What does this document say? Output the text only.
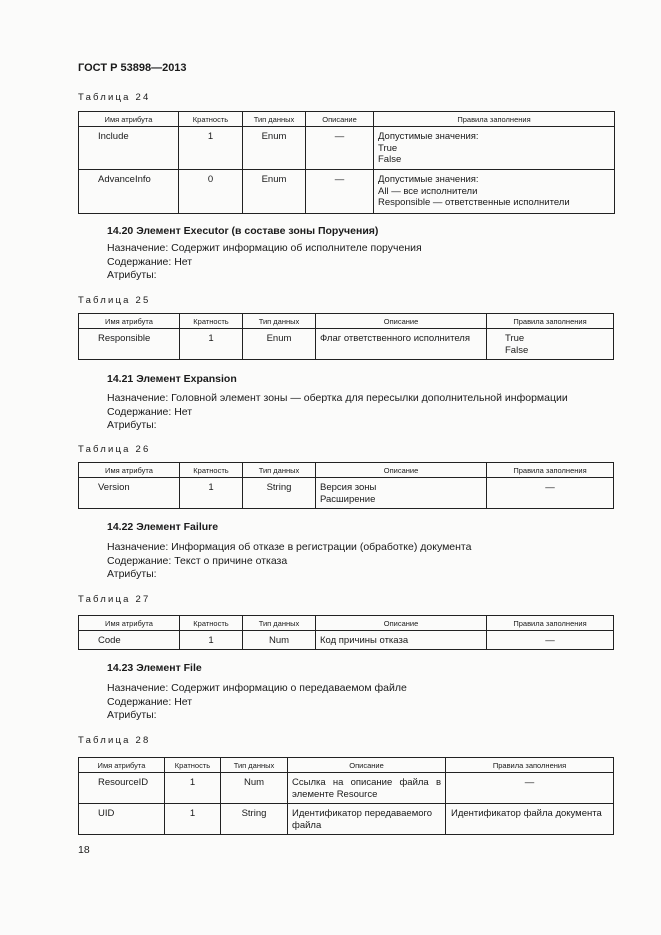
ГОСТ Р 53898—2013
Таблица 24
Имя атрибута	Кратность	Тип данных	Описание	Правила заполнения
Include	1	Enum	—	Допустимые значения:
True
False

AdvanceInfo	0	Enum	—	Допустимые значения:
All — все исполнители
Responsible — ответственные исполнители
14.20 Элемент Executor (в составе зоны Поручения)
Назначение: Содержит информацию об исполнителе поручения
Содержание: Нет
Атрибуты:
Таблица 25
Имя атрибута	Кратность	Тип данных	Описание	Правила заполнения
Responsible	1	Enum	Флаг ответственного исполнителя	True
False
14.21 Элемент Expansion
Назначение: Головной элемент зоны — обертка для пересылки дополнительной информации
Содержание: Нет
Атрибуты:
Таблица 26
Имя атрибута	Кратность	Тип данных	Описание	Правила заполнения
Version	1	String	Версия зоны
Расширение	—
14.22 Элемент Failure
Назначение: Информация об отказе в регистрации (обработке) документа
Содержание: Текст о причине отказа
Атрибуты:
Таблица 27
Имя атрибута	Кратность	Тип данных	Описание	Правила заполнения
Code	1	Num	Код причины отказа	—
14.23 Элемент File
Назначение: Содержит информацию о передаваемом файле
Содержание: Нет
Атрибуты:
Таблица 28
Имя атрибута	Кратность	Тип данных	Описание	Правила заполнения
ResourceID	1	Num	Ссылка на описание файла в
элементе Resource	—
UID	1	String	Идентификатор передаваемого
файла	Идентификатор файла документа
18
